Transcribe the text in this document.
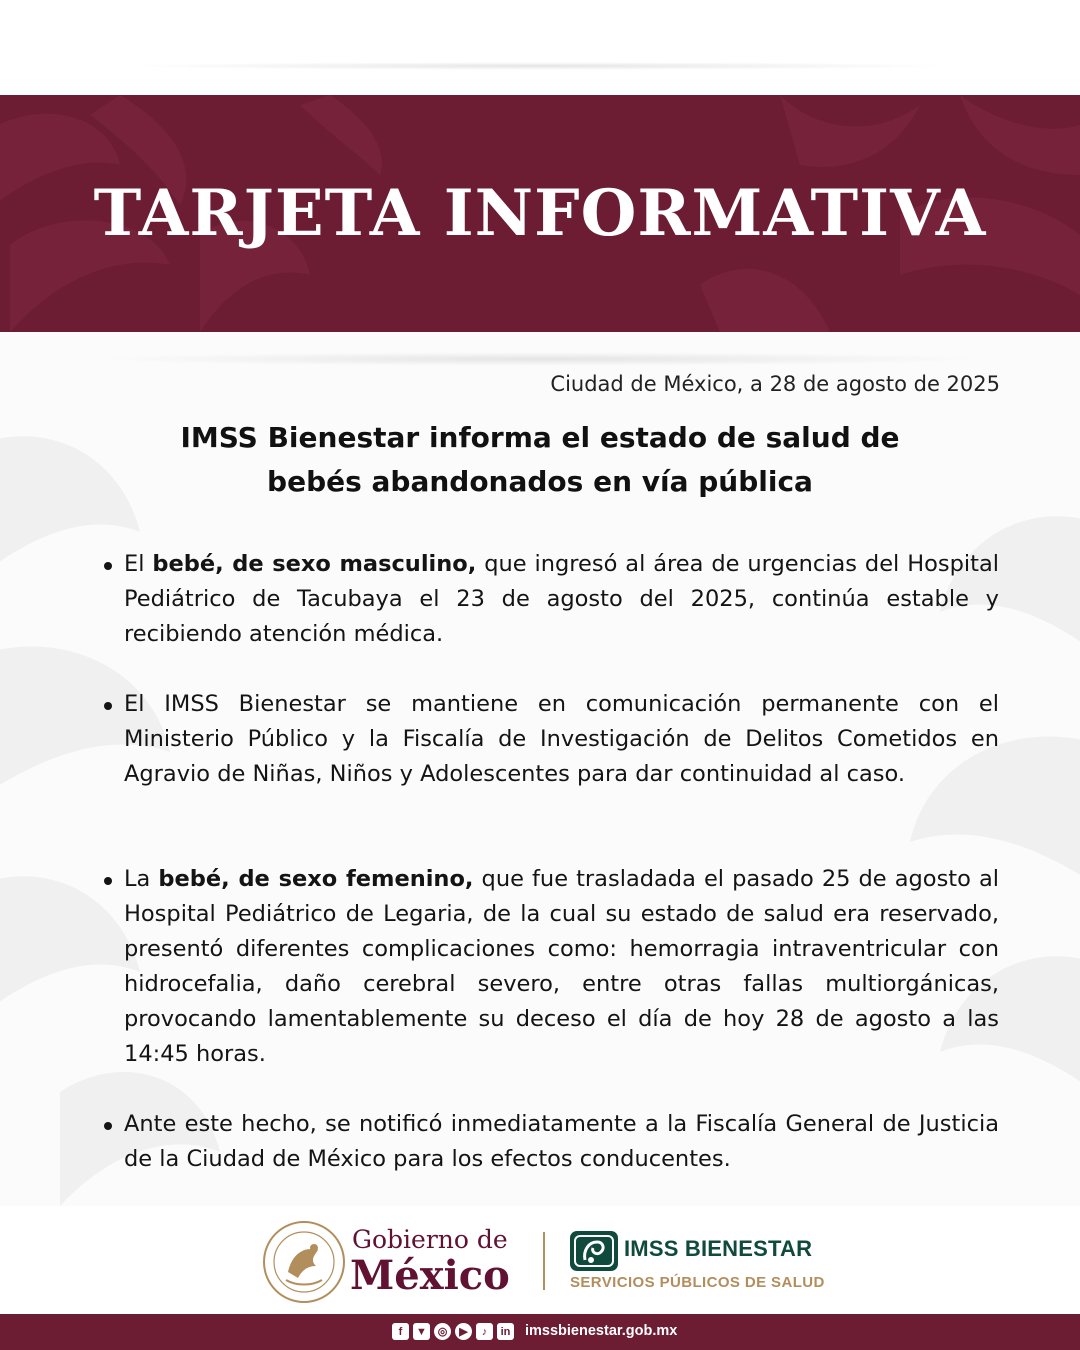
TARJETA INFORMATIVA
Ciudad de México, a 28 de agosto de 2025
IMSS Bienestar informa el estado de salud de
bebés abandonados en vía pública
El bebé, de sexo masculino, que ingresó al área de urgencias del Hospital Pediátrico de Tacubaya el 23 de agosto del 2025, continúa estable y recibiendo atención médica.
El IMSS Bienestar se mantiene en comunicación permanente con el Ministerio Público y la Fiscalía de Investigación de Delitos Cometidos en Agravio de Niñas, Niños y Adolescentes para dar continuidad al caso.
La bebé, de sexo femenino, que fue trasladada el pasado 25 de agosto al Hospital Pediátrico de Legaria, de la cual su estado de salud era reservado, presentó diferentes complicaciones como: hemorragia intraventricular con hidrocefalia, daño cerebral severo, entre otras fallas multiorgánicas, provocando lamentablemente su deceso el día de hoy 28 de agosto a las 14:45 horas.
Ante este hecho, se notificó inmediatamente a la Fiscalía General de Justicia de la Ciudad de México para los efectos conducentes.
Gobierno de
México
IMSS BIENESTAR
SERVICIOS PÚBLICOS DE SALUD
f	▼ ◎	▶	♪	in imssbienestar.gob.mx
